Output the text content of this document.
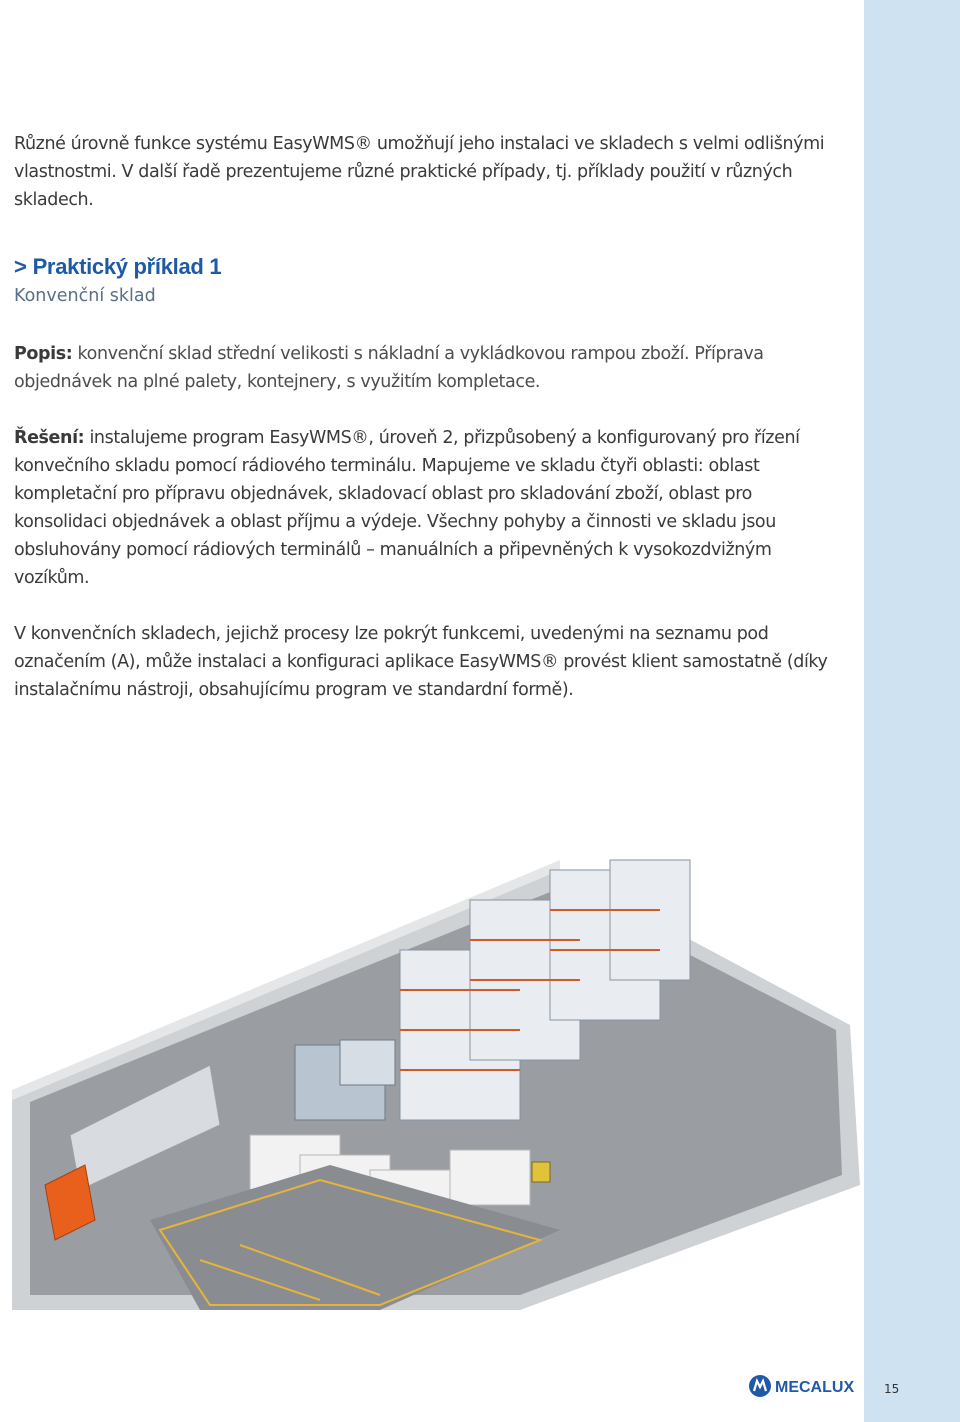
Různé úrovně funkce systému EasyWMS® umožňují jeho instalaci ve skladech s velmi odlišnými vlastnostmi. V další řadě prezentujeme různé praktické případy, tj. příklady použití v různých skladech.

> Praktický příklad 1

Konvenční sklad

Popis: konvenční sklad střední velikosti s nákladní a vykládkovou rampou zboží. Příprava objednávek na plné palety, kontejnery, s využitím kompletace.

Řešení: instalujeme program EasyWMS®, úroveň 2, přizpůsobený a konfigurovaný pro řízení konvečního skladu pomocí rádiového terminálu. Mapujeme ve skladu čtyři oblasti: oblast kompletační pro přípravu objednávek, skladovací oblast pro skladování zboží, oblast pro konsolidaci objednávek a oblast příjmu a výdeje. Všechny pohyby a činnosti ve skladu jsou obsluhovány pomocí rádiových terminálů – manuálních a připevněných k vysokozdvižným vozíkům.

V konvenčních skladech, jejichž procesy lze pokrýt funkcemi, uvedenými na seznamu pod označením (A), může instalaci a konfiguraci aplikace EasyWMS® provést klient samostatně (díky instalačnímu nástroji, obsahujícímu program ve standardní formě).

MECALUX 15
